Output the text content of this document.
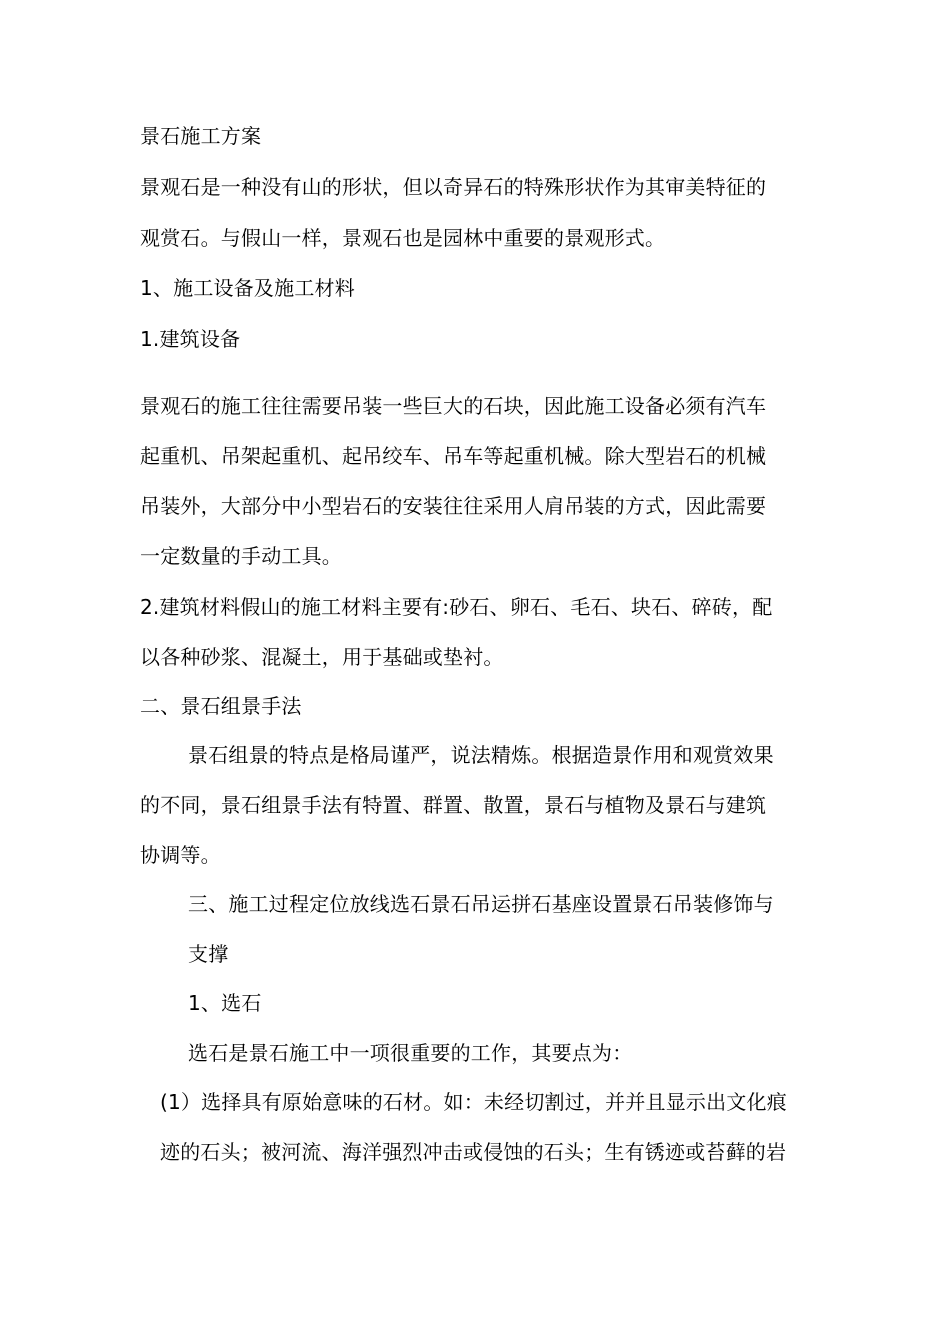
景石施工方案

景观石是一种没有山的形状，但以奇异石的特殊形状作为其审美特征的

观赏石。与假山一样，景观石也是园林中重要的景观形式。

1、施工设备及施工材料

1.建筑设备

景观石的施工往往需要吊装一些巨大的石块，因此施工设备必须有汽车

起重机、吊架起重机、起吊绞车、吊车等起重机械。除大型岩石的机械

吊装外，大部分中小型岩石的安装往往采用人肩吊装的方式，因此需要

一定数量的手动工具。

2.建筑材料假山的施工材料主要有:砂石、卵石、毛石、块石、碎砖，配

以各种砂浆、混凝土，用于基础或垫衬。

二、景石组景手法

景石组景的特点是格局谨严，说法精炼。根据造景作用和观赏效果

的不同，景石组景手法有特置、群置、散置，景石与植物及景石与建筑

协调等。

三、施工过程定位放线选石景石吊运拼石基座设置景石吊装修饰与

支撑

1、选石

选石是景石施工中一项很重要的工作，其要点为：

(1）选择具有原始意味的石材。如：未经切割过，并并且显示出文化痕

迹的石头；被河流、海洋强烈冲击或侵蚀的石头；生有锈迹或苔藓的岩
